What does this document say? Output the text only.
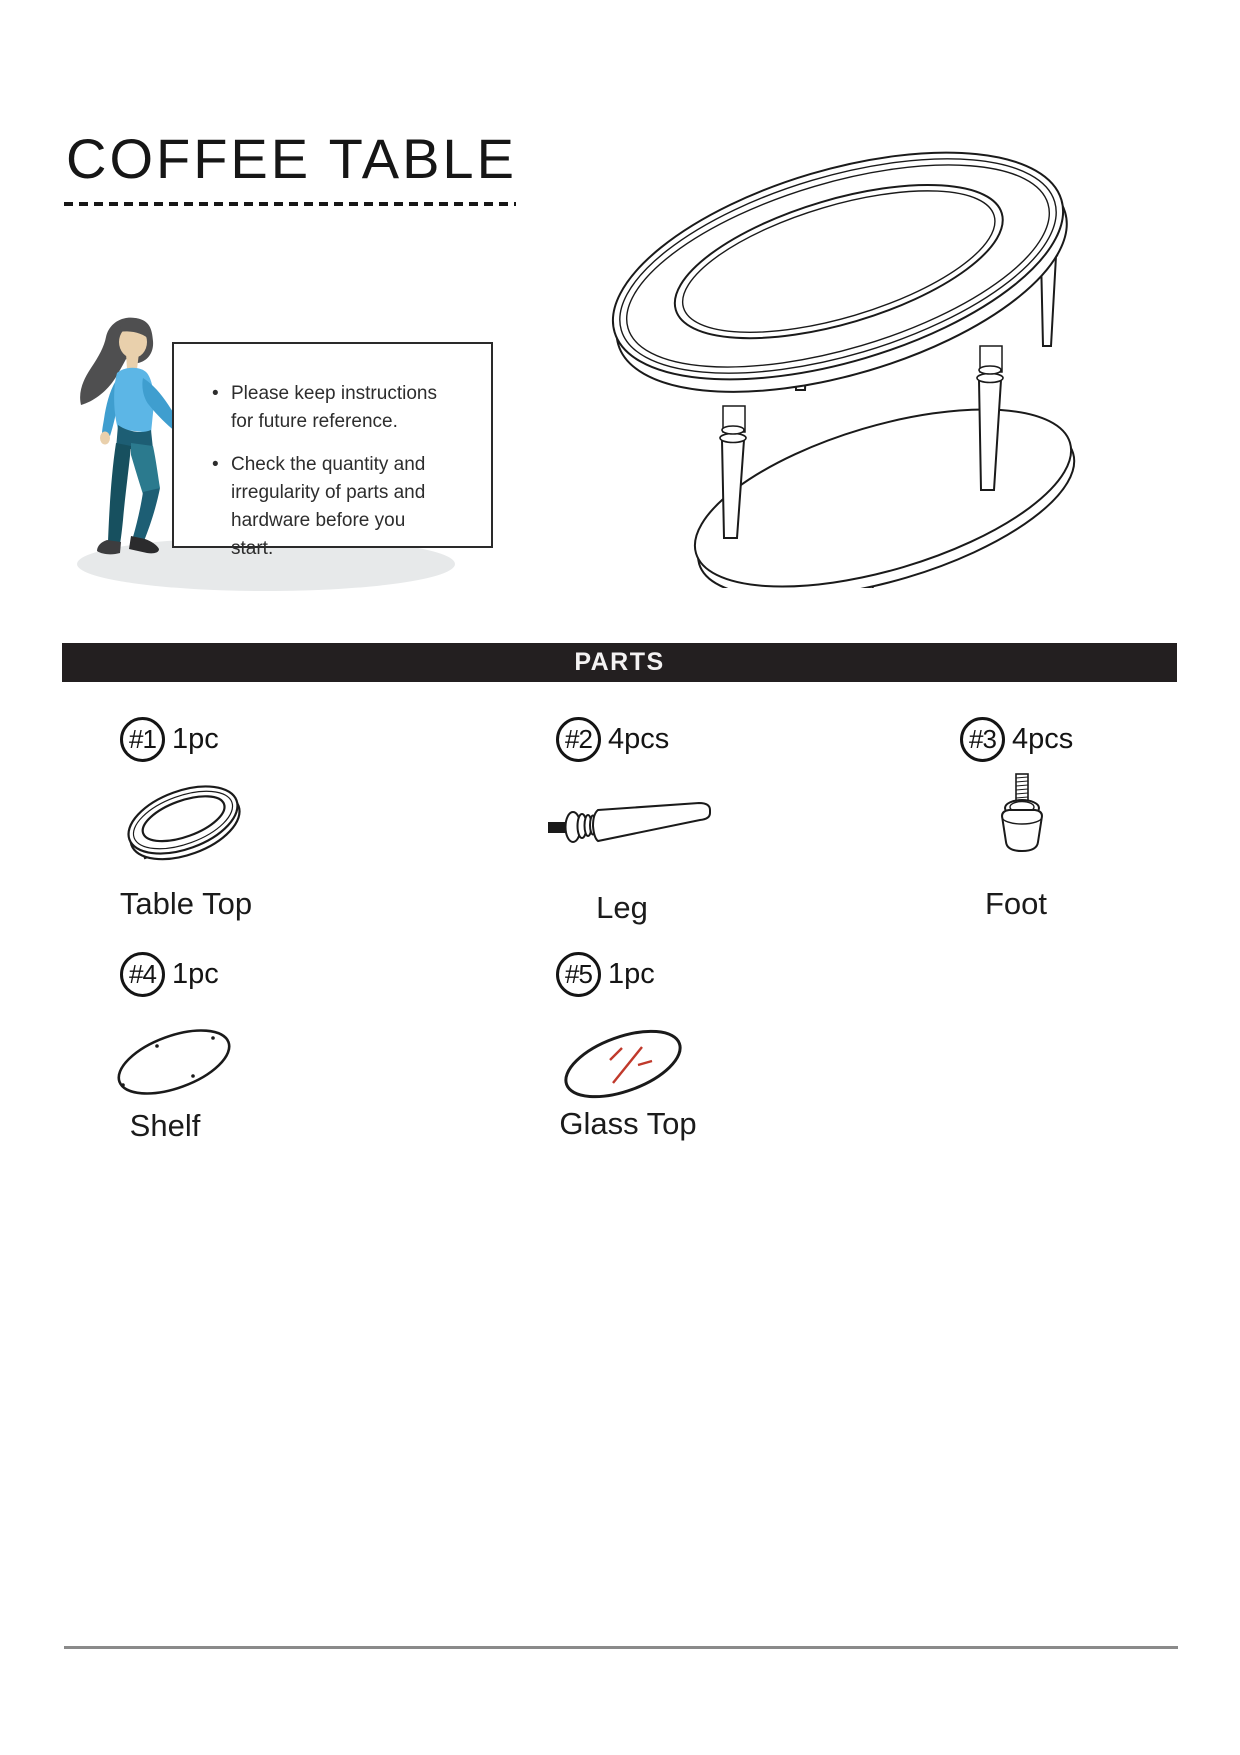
COFFEE TABLE
• Please keep instructions for future reference.
• Check the quantity and irregularity of parts and hardware before you start.
PARTS
#1 1pc
Table Top
#2 4pcs
Leg
#3 4pcs
Foot
#4 1pc
Shelf
#5 1pc
Glass Top
